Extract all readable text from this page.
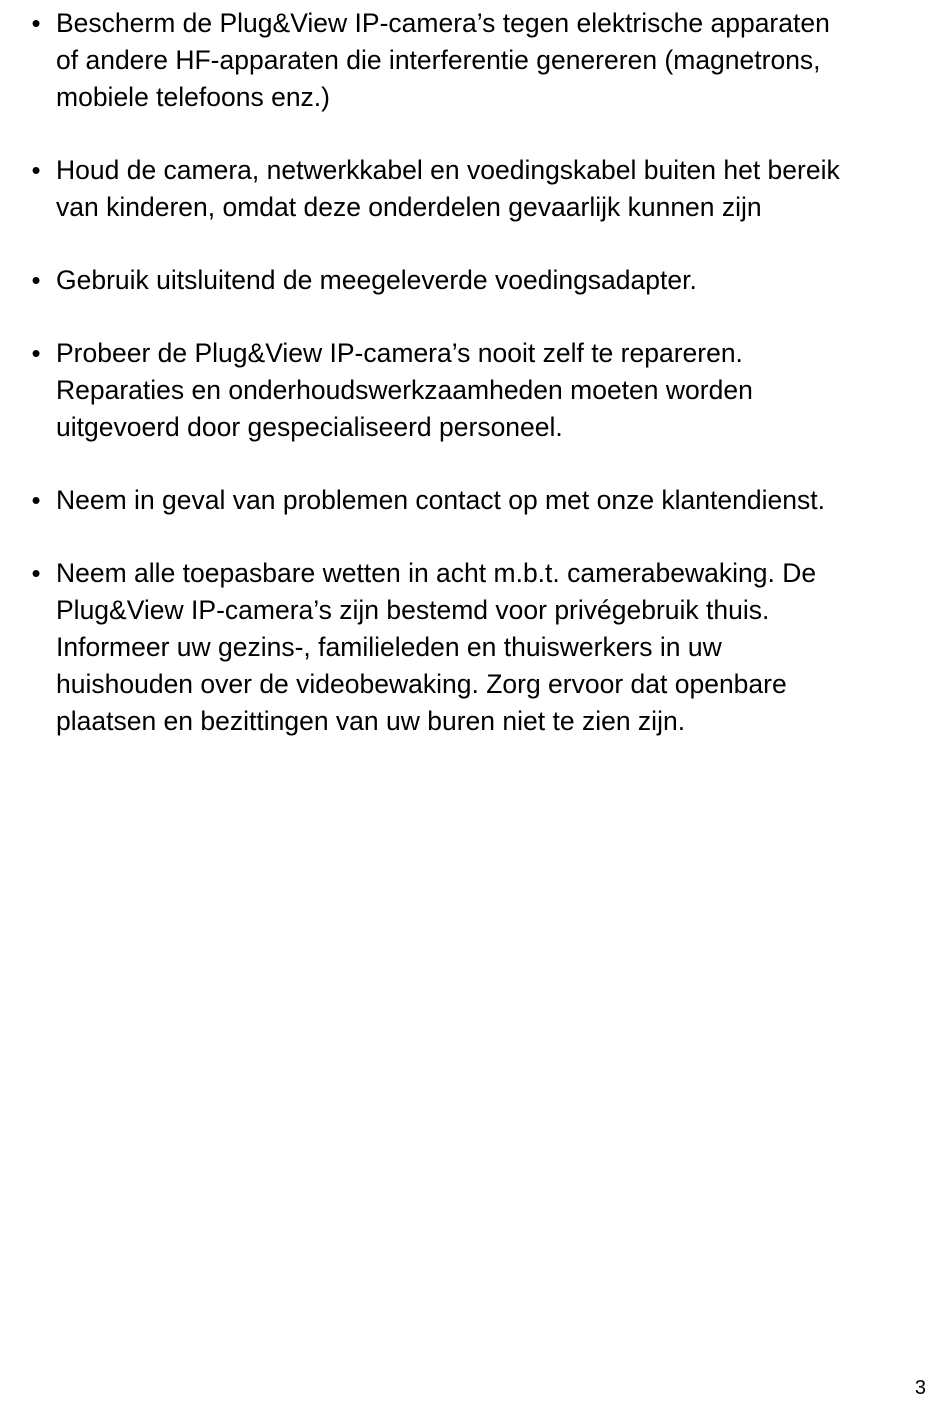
• Bescherm de Plug&View IP-camera’s tegen elektrische apparaten
of andere HF-apparaten die interferentie genereren (magnetrons,
mobiele telefoons enz.)
• Houd de camera, netwerkkabel en voedingskabel buiten het bereik
van kinderen, omdat deze onderdelen gevaarlijk kunnen zijn
• Gebruik uitsluitend de meegeleverde voedingsadapter.
• Probeer de Plug&View IP-camera’s nooit zelf te repareren.
Reparaties en onderhoudswerkzaamheden moeten worden
uitgevoerd door gespecialiseerd personeel.
• Neem in geval van problemen contact op met onze klantendienst.
• Neem alle toepasbare wetten in acht m.b.t. camerabewaking. De
Plug&View IP-camera’s zijn bestemd voor privégebruik thuis.
Informeer uw gezins-, familieleden en thuiswerkers in uw
huishouden over de videobewaking. Zorg ervoor dat openbare
plaatsen en bezittingen van uw buren niet te zien zijn.
3
